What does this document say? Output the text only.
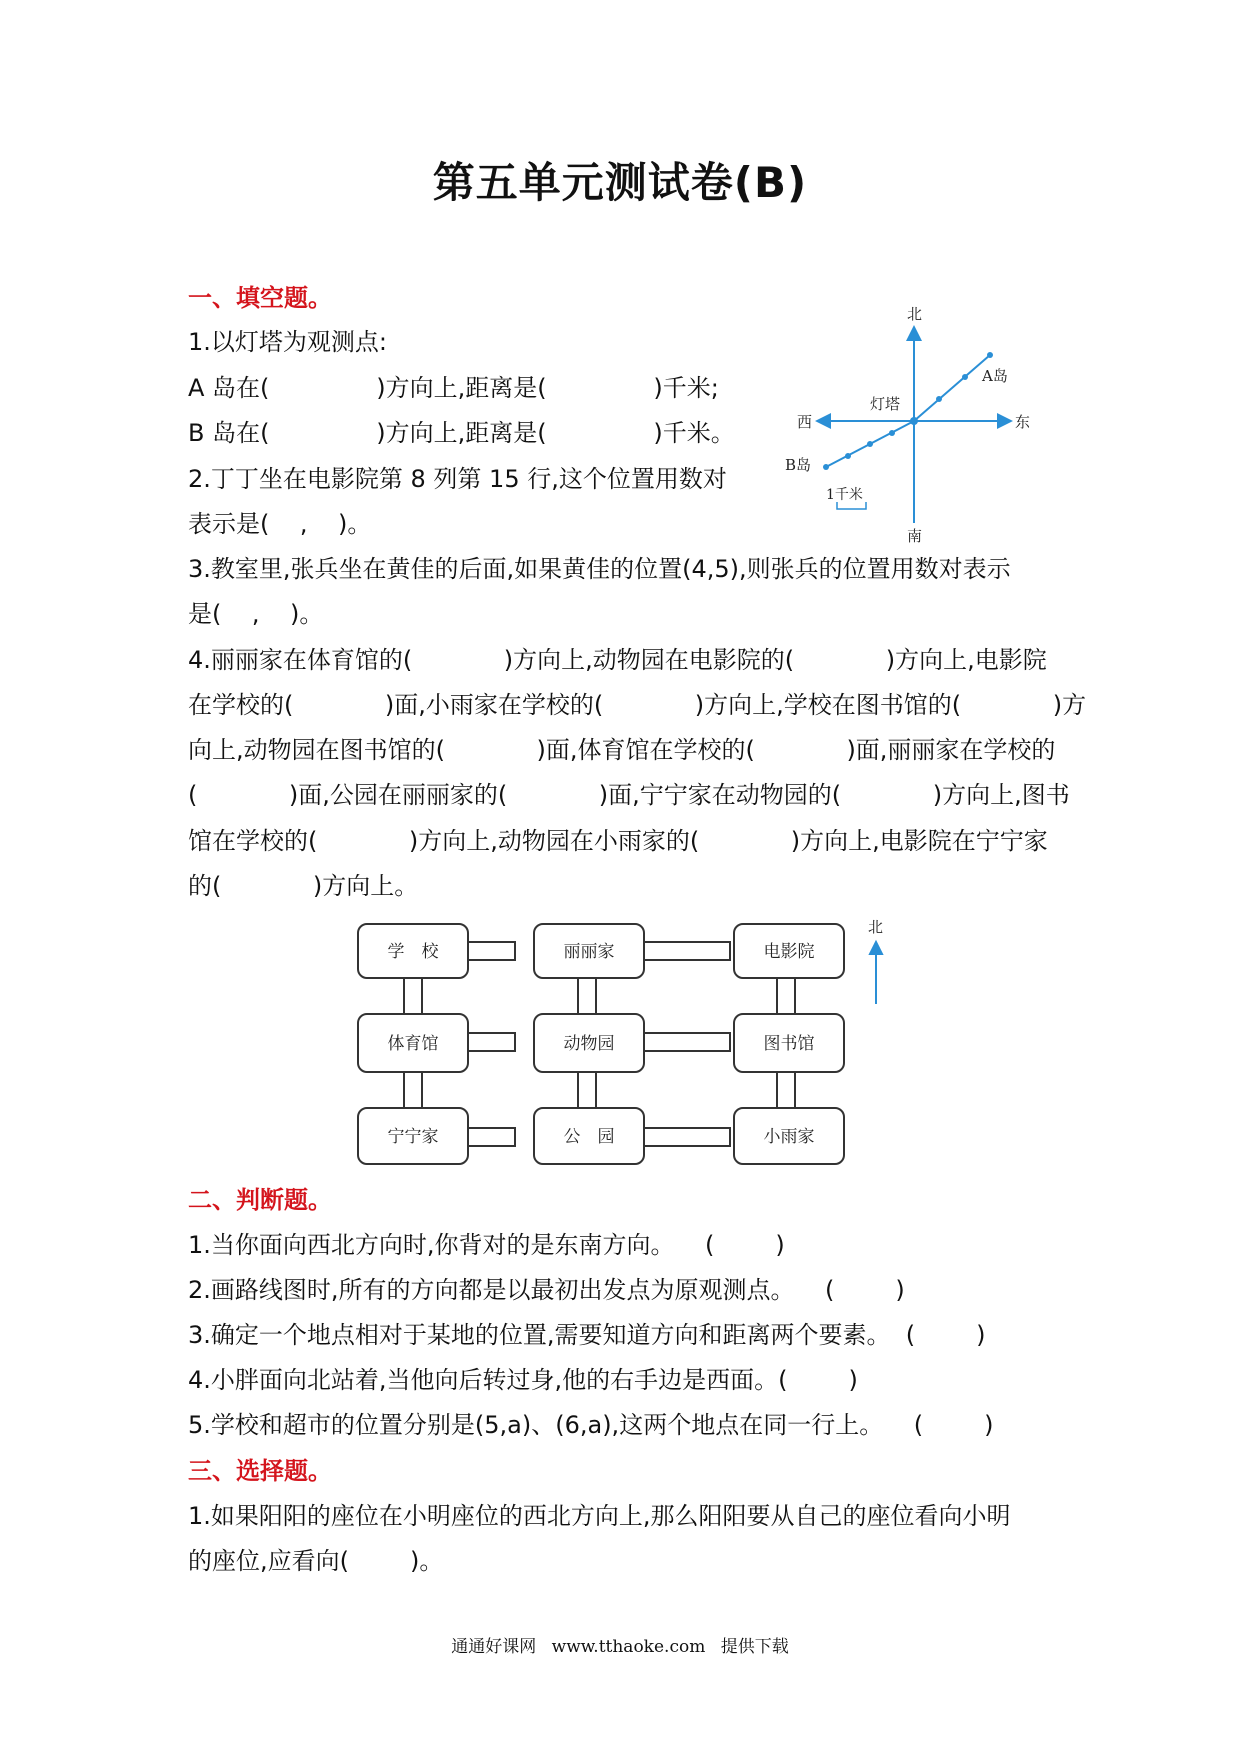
第五单元测试卷(B)
一、填空题。
1.以灯塔为观测点:
A 岛在(              )方向上,距离是(              )千米;
B 岛在(              )方向上,距离是(              )千米。
2.丁丁坐在电影院第 8 列第 15 行,这个位置用数对
表示是(    ,    )。
3.教室里,张兵坐在黄佳的后面,如果黄佳的位置(4,5),则张兵的位置用数对表示
是(    ,    )。
4.丽丽家在体育馆的(            )方向上,动物园在电影院的(            )方向上,电影院
在学校的(            )面,小雨家在学校的(            )方向上,学校在图书馆的(            )方
向上,动物园在图书馆的(            )面,体育馆在学校的(            )面,丽丽家在学校的
(            )面,公园在丽丽家的(            )面,宁宁家在动物园的(            )方向上,图书
馆在学校的(            )方向上,动物园在小雨家的(            )方向上,电影院在宁宁家
的(            )方向上。
北
南
东
西
灯塔
A岛
B岛
1千米
学　校	丽丽家	电影院
体育馆	动物园	图书馆
宁宁家	公　园	小雨家
北
二、判断题。
1.当你面向西北方向时,你背对的是东南方向。    (        )
2.画路线图时,所有的方向都是以最初出发点为原观测点。    (        )
3.确定一个地点相对于某地的位置,需要知道方向和距离两个要素。  (        )
4.小胖面向北站着,当他向后转过身,他的右手边是西面。(        )
5.学校和超市的位置分别是(5,a)、(6,a),这两个地点在同一行上。    (        )
三、选择题。
1.如果阳阳的座位在小明座位的西北方向上,那么阳阳要从自己的座位看向小明
的座位,应看向(        )。
通通好课网 www.tthaoke.com 提供下载
